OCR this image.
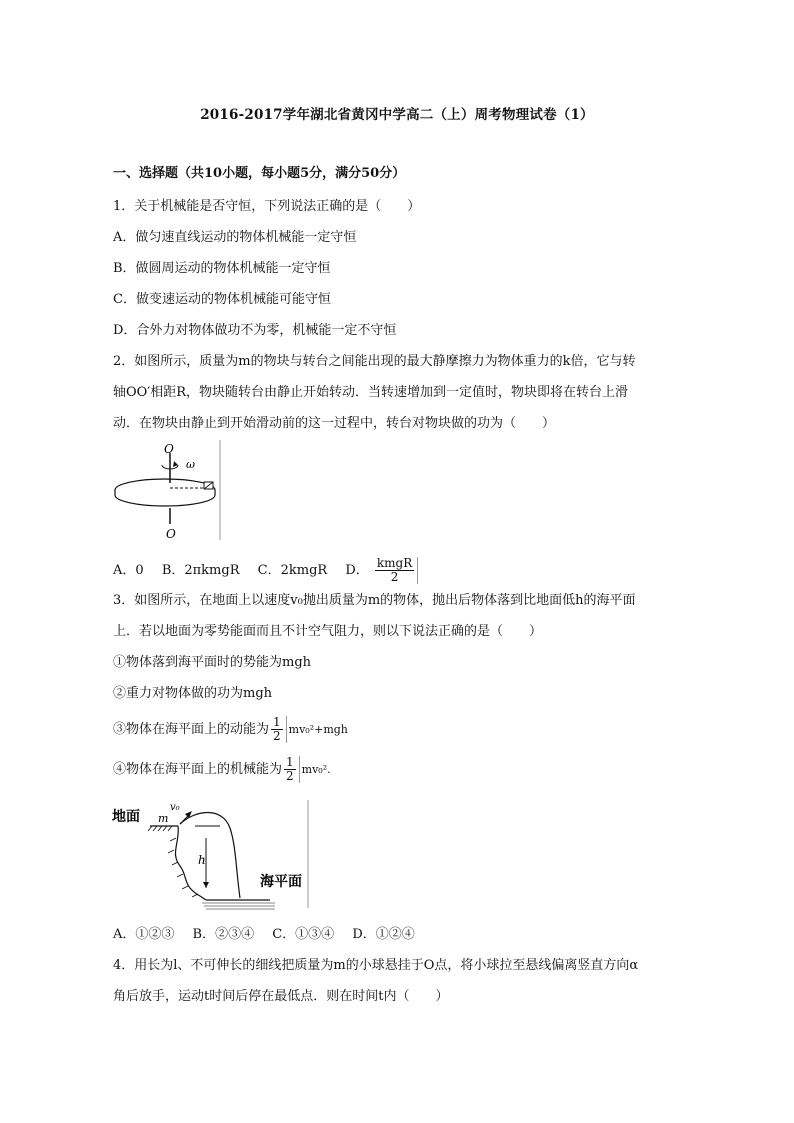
2016-2017学年湖北省黄冈中学高二（上）周考物理试卷（1）
一、选择题（共10小题，每小题5分，满分50分）
1．关于机械能是否守恒，下列说法正确的是（　　）
A．做匀速直线运动的物体机械能一定守恒
B．做圆周运动的物体机械能一定守恒
C．做变速运动的物体机械能可能守恒
D．合外力对物体做功不为零，机械能一定不守恒
2．如图所示，质量为m的物块与转台之间能出现的最大静摩擦力为物体重力的k倍，它与转
轴OO′相距R，物块随转台由静止开始转动．当转速增加到一定值时，物块即将在转台上滑
动．在物块由静止到开始滑动前的这一过程中，转台对物块做的功为（　　）
O
O
ω
A．0 B．2πkmgR C．2kmgR D． $\frac{\text{kmgR}}{2}$
3．如图所示，在地面上以速度v₀抛出质量为m的物体，抛出后物体落到比地面低h的海平面
上．若以地面为零势能面而且不计空气阻力，则以下说法正确的是（　　）
①物体落到海平面时的势能为mgh
②重力对物体做的功为mgh
③物体在海平面上的动能为 $\frac{1}{2} mv_0^2+mgh$
④物体在海平面上的机械能为 $\frac{1}{2} mv_0^2$.
地面 m
v₀
h
海平面
A．①②③ B．②③④ C．①③④ D．①②④
4．用长为l、不可伸长的细线把质量为m的小球悬挂于O点，将小球拉至悬线偏离竖直方向α
角后放手，运动t时间后停在最低点．则在时间t内（　　）
